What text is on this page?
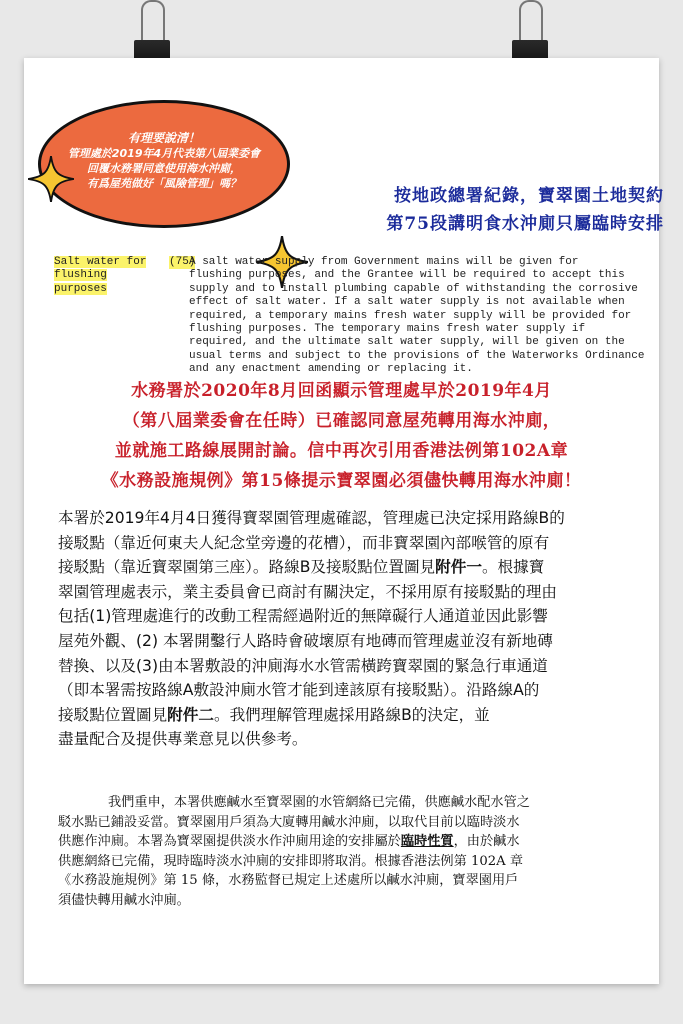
有理要說清！
管理處於2019年4月代表第八屆業委會
回覆水務署同意使用海水沖廁，
有爲屋苑做好「風險管理」嗎？
按地政總署紀錄，寶翠園土地契約
第75段講明食水沖廁只屬臨時安排
Salt water for
flushing
purposes
(75)
A salt water supply from Government mains will be given for
flushing purposes, and the Grantee will be required to accept this
supply and to install plumbing capable of withstanding the corrosive
effect of salt water. If a salt water supply is not available when
required, a temporary mains fresh water supply will be provided for
flushing purposes. The temporary mains fresh water supply if
required, and the ultimate salt water supply, will be given on the
usual terms and subject to the provisions of the Waterworks Ordinance
and any enactment amending or replacing it.
水務署於2020年8月回函顯示管理處早於2019年4月
（第八屆業委會在任時）已確認同意屋苑轉用海水沖廁，
並就施工路線展開討論。信中再次引用香港法例第102A章
《水務設施規例》第15條提示寶翠園必須儘快轉用海水沖廁！
本署於2019年4月4日獲得寶翠園管理處確認，管理處已決定採用路線B的
接駁點（靠近何東夫人紀念堂旁邊的花槽），而非寶翠園內部喉管的原有
接駁點（靠近寶翠園第三座）。路線B及接駁點位置圖見附件一。根據寶
翠園管理處表示，業主委員會已商討有關決定，不採用原有接駁點的理由
包括(1)管理處進行的改動工程需經過附近的無障礙行人通道並因此影響
屋苑外觀、(2) 本署開鑿行人路時會破壞原有地磚而管理處並沒有新地磚
替換、以及(3)由本署敷設的沖廁海水水管需橫跨寶翠園的緊急行車通道
（即本署需按路線A敷設沖廁水管才能到達該原有接駁點）。沿路線A的
接駁點位置圖見附件二。我們理解管理處採用路線B的決定，並
盡量配合及提供專業意見以供參考。
我們重申，本署供應鹹水至寶翠園的水管網絡已完備，供應鹹水配水管之
駁水點已鋪設妥當。寶翠園用戶須為大廈轉用鹹水沖廁，以取代目前以臨時淡水
供應作沖廁。本署為寶翠園提供淡水作沖廁用途的安排屬於臨時性質，由於鹹水
供應網絡已完備，現時臨時淡水沖廁的安排即將取消。根據香港法例第 102A 章
《水務設施規例》第 15 條，水務監督已規定上述處所以鹹水沖廁，寶翠園用戶
須儘快轉用鹹水沖廁。
